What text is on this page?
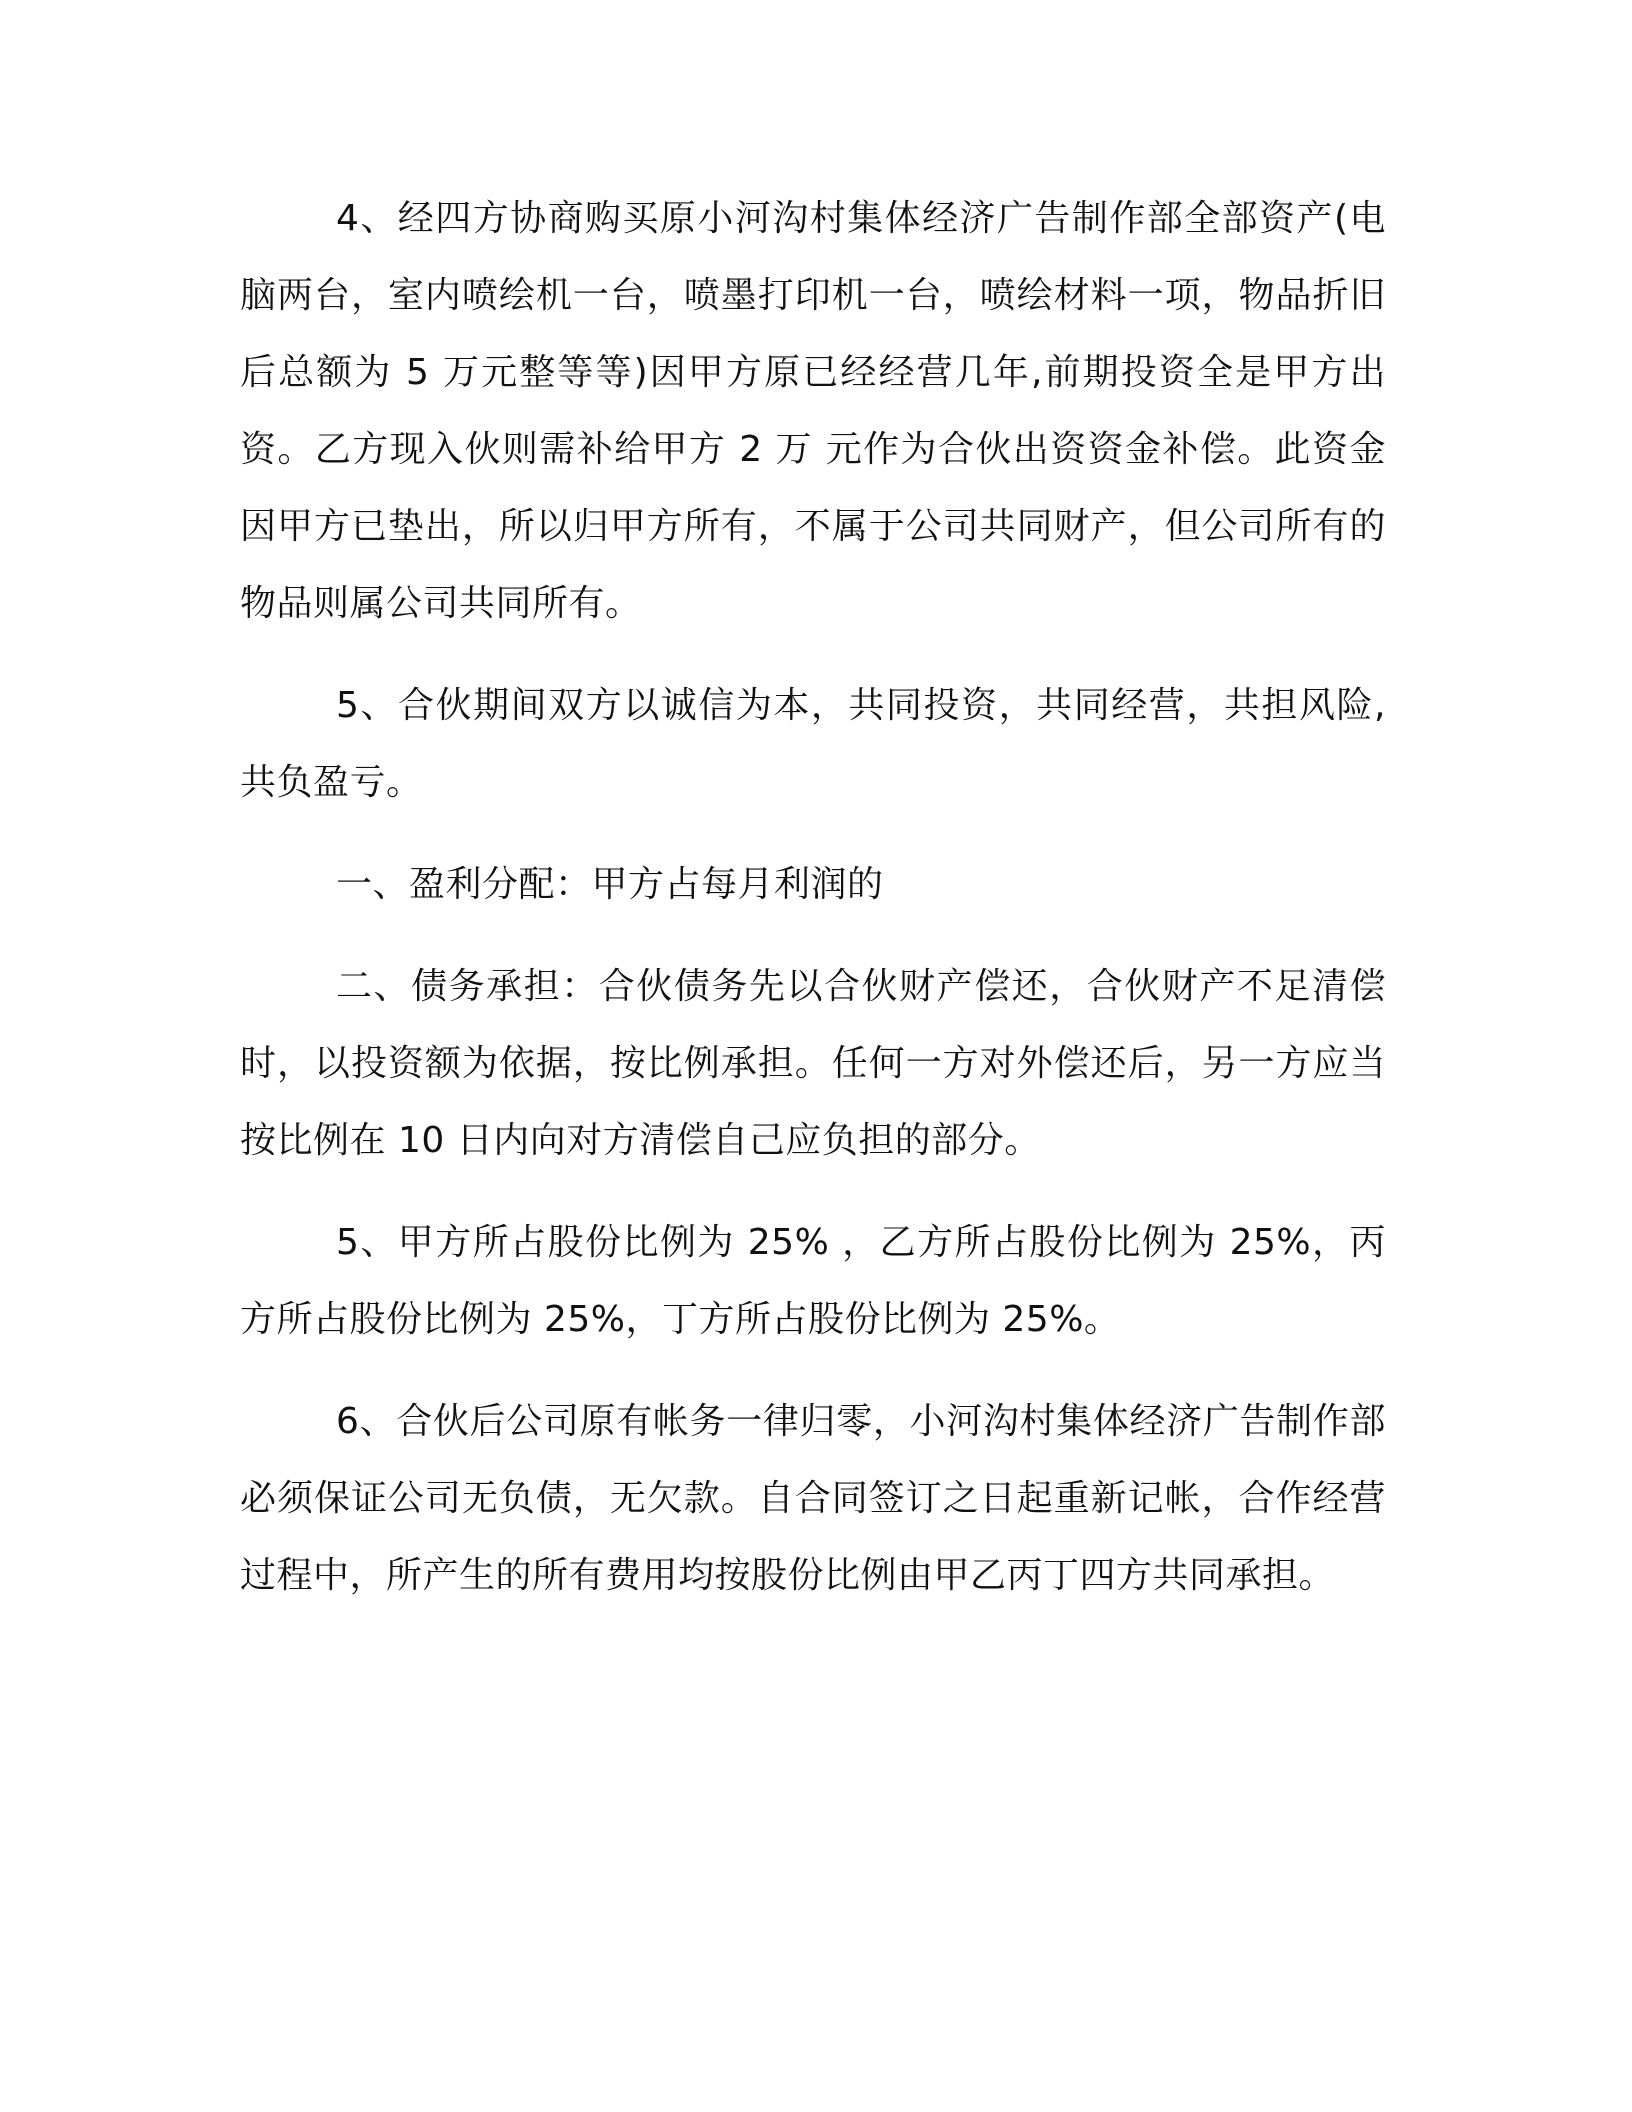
4、经四方协商购买原小河沟村集体经济广告制作部全部资产(电脑两台，室内喷绘机一台，喷墨打印机一台，喷绘材料一项，物品折旧后总额为 5 万元整等等)因甲方原已经经营几年,前期投资全是甲方出资。乙方现入伙则需补给甲方 2 万 元作为合伙出资资金补偿。此资金因甲方已垫出，所以归甲方所有，不属于公司共同财产，但公司所有的物品则属公司共同所有。

5、合伙期间双方以诚信为本，共同投资，共同经营，共担风险,共负盈亏。

一、盈利分配：甲方占每月利润的

二、债务承担：合伙债务先以合伙财产偿还，合伙财产不足清偿时，以投资额为依据，按比例承担。任何一方对外偿还后，另一方应当按比例在 10 日内向对方清偿自己应负担的部分。

5、甲方所占股份比例为 25% ，乙方所占股份比例为 25%，丙方所占股份比例为 25%，丁方所占股份比例为 25%。

6、合伙后公司原有帐务一律归零，小河沟村集体经济广告制作部必须保证公司无负债，无欠款。自合同签订之日起重新记帐，合作经营过程中，所产生的所有费用均按股份比例由甲乙丙丁四方共同承担。
